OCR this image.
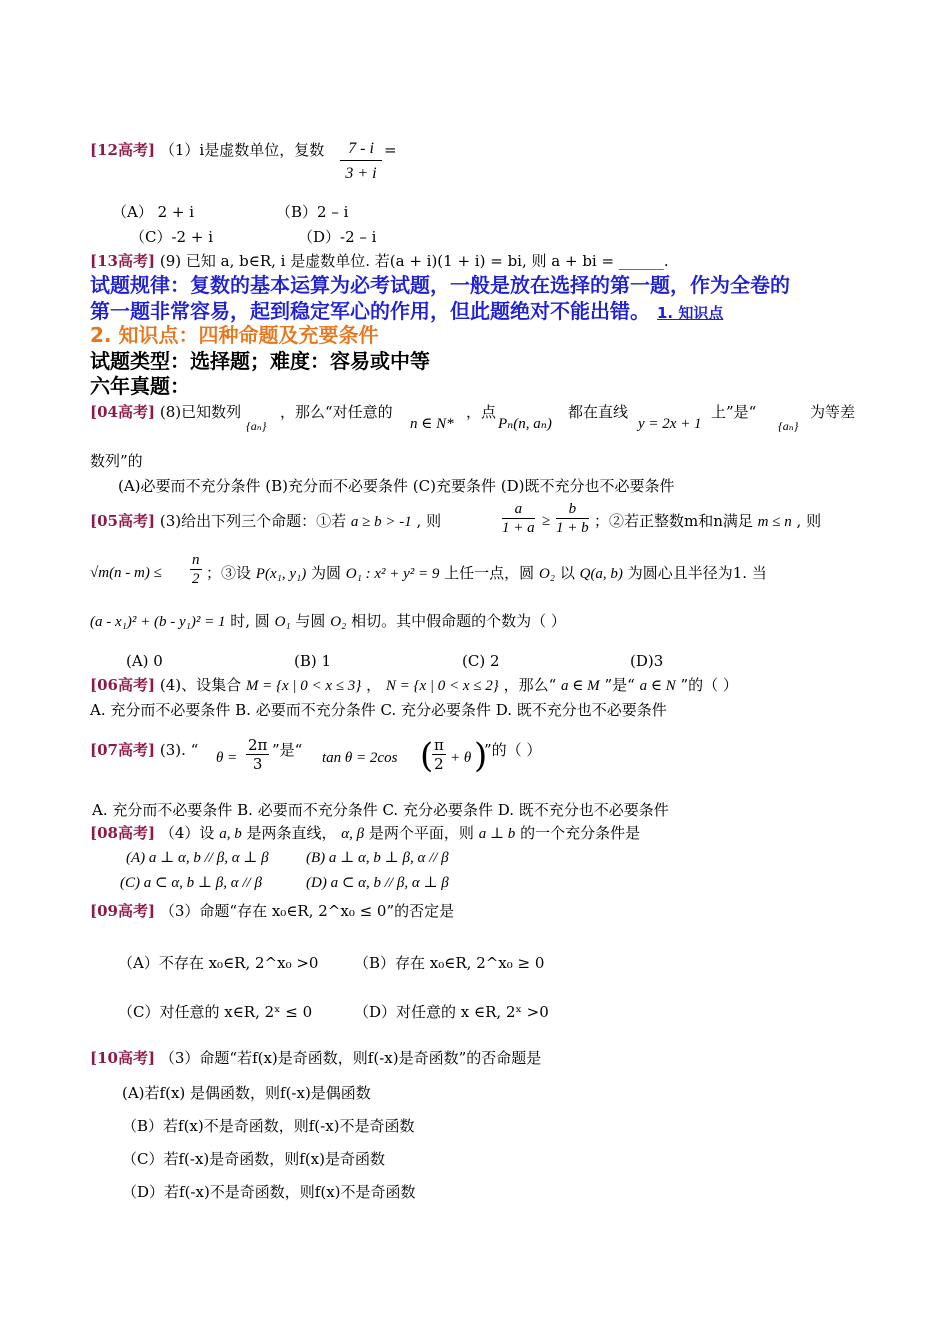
[12高考] （1）i是虚数单位，复数 $\frac{7 - i}{3 + i}$ =
（A） 2 + i	（B）2 – i
（C）-2 + i	（D）-2 – i
[13高考] (9) 已知 a, b∈R, i 是虚数单位. 若(a + i)(1 + i) = bi, 则 a + bi = ______.
试题规律：复数的基本运算为必考试题，一般是放在选择的第一题，作为全卷的
第一题非常容易，起到稳定军心的作用，但此题绝对不能出错。 1. 知识点
2. 知识点：四种命题及充要条件
试题类型：选择题；难度：容易或中等
六年真题：
[04高考] (8)已知数列
{aₙ}
，那么“对任意的
n ∈ N*
，点
Pₙ(n, aₙ)
都在直线
y = 2x + 1
上”是“
{aₙ}
为等差
数列”的
(A)必要而不充分条件 (B)充分而不必要条件 (C)充要条件 (D)既不充分也不必要条件
[05高考] (3)给出下列三个命题：①若 a ≥ b > -1 , 则	$\frac{a}{1 + a} \ge \frac{b}{1 + b}$ ；②若正整数m和n满足 m ≤ n , 则
$√m(n - m) \le \frac{n}{2}$ ；③设 P(x₁, y₁) 为圆 O₁ : x² + y² = 9 上任一点，圆 O₂ 以 Q(a, b) 为圆心且半径为1. 当
(a - x₁)² + (b - y₁)² = 1 时, 圆 O₁ 与圆 O₂ 相切。其中假命题的个数为（ ）
(A) 0	(B) 1	(C) 2	(D)3
[06高考] (4)、设集合 M = {x | 0 < x ≤ 3} ， N = {x | 0 < x ≤ 2} ，那么“ a ∈ M ”是“ a ∈ N ”的（ ）
A. 充分而不必要条件 B. 必要而不充分条件 C. 充分必要条件 D. 既不充分也不必要条件
[07高考] (3). “ $\theta = \frac{2\pi}{3}$ ”是“ tan θ = 2cos (
$\frac{\pi}{2} + \theta$ )
”的（ ）
A. 充分而不必要条件 B. 必要而不充分条件 C. 充分必要条件 D. 既不充分也不必要条件
[08高考] （4）设 a, b 是两条直线， α, β 是两个平面，则 a ⊥ b 的一个充分条件是
(A) a ⊥ α, b // β, α ⊥ β (B) a ⊥ α, b ⊥ β, α // β
(C) a ⊂ α, b ⊥ β, α // β	(D) a ⊂ α, b // β, α ⊥ β
[09高考] （3）命题“存在 x₀∈R, 2^x₀ ≤ 0”的否定是
（A）不存在 x₀∈R, 2^x₀ >0 （B）存在 x₀∈R, 2^x₀ ≥ 0
（C）对任意的 x∈R, 2ˣ ≤ 0	（D）对任意的 x ∈R, 2ˣ >0
[10高考] （3）命题“若f(x)是奇函数，则f(-x)是奇函数”的否命题是
(A)若f(x) 是偶函数，则f(-x)是偶函数
（B）若f(x)不是奇函数，则f(-x)不是奇函数
（C）若f(-x)是奇函数，则f(x)是奇函数
（D）若f(-x)不是奇函数，则f(x)不是奇函数
